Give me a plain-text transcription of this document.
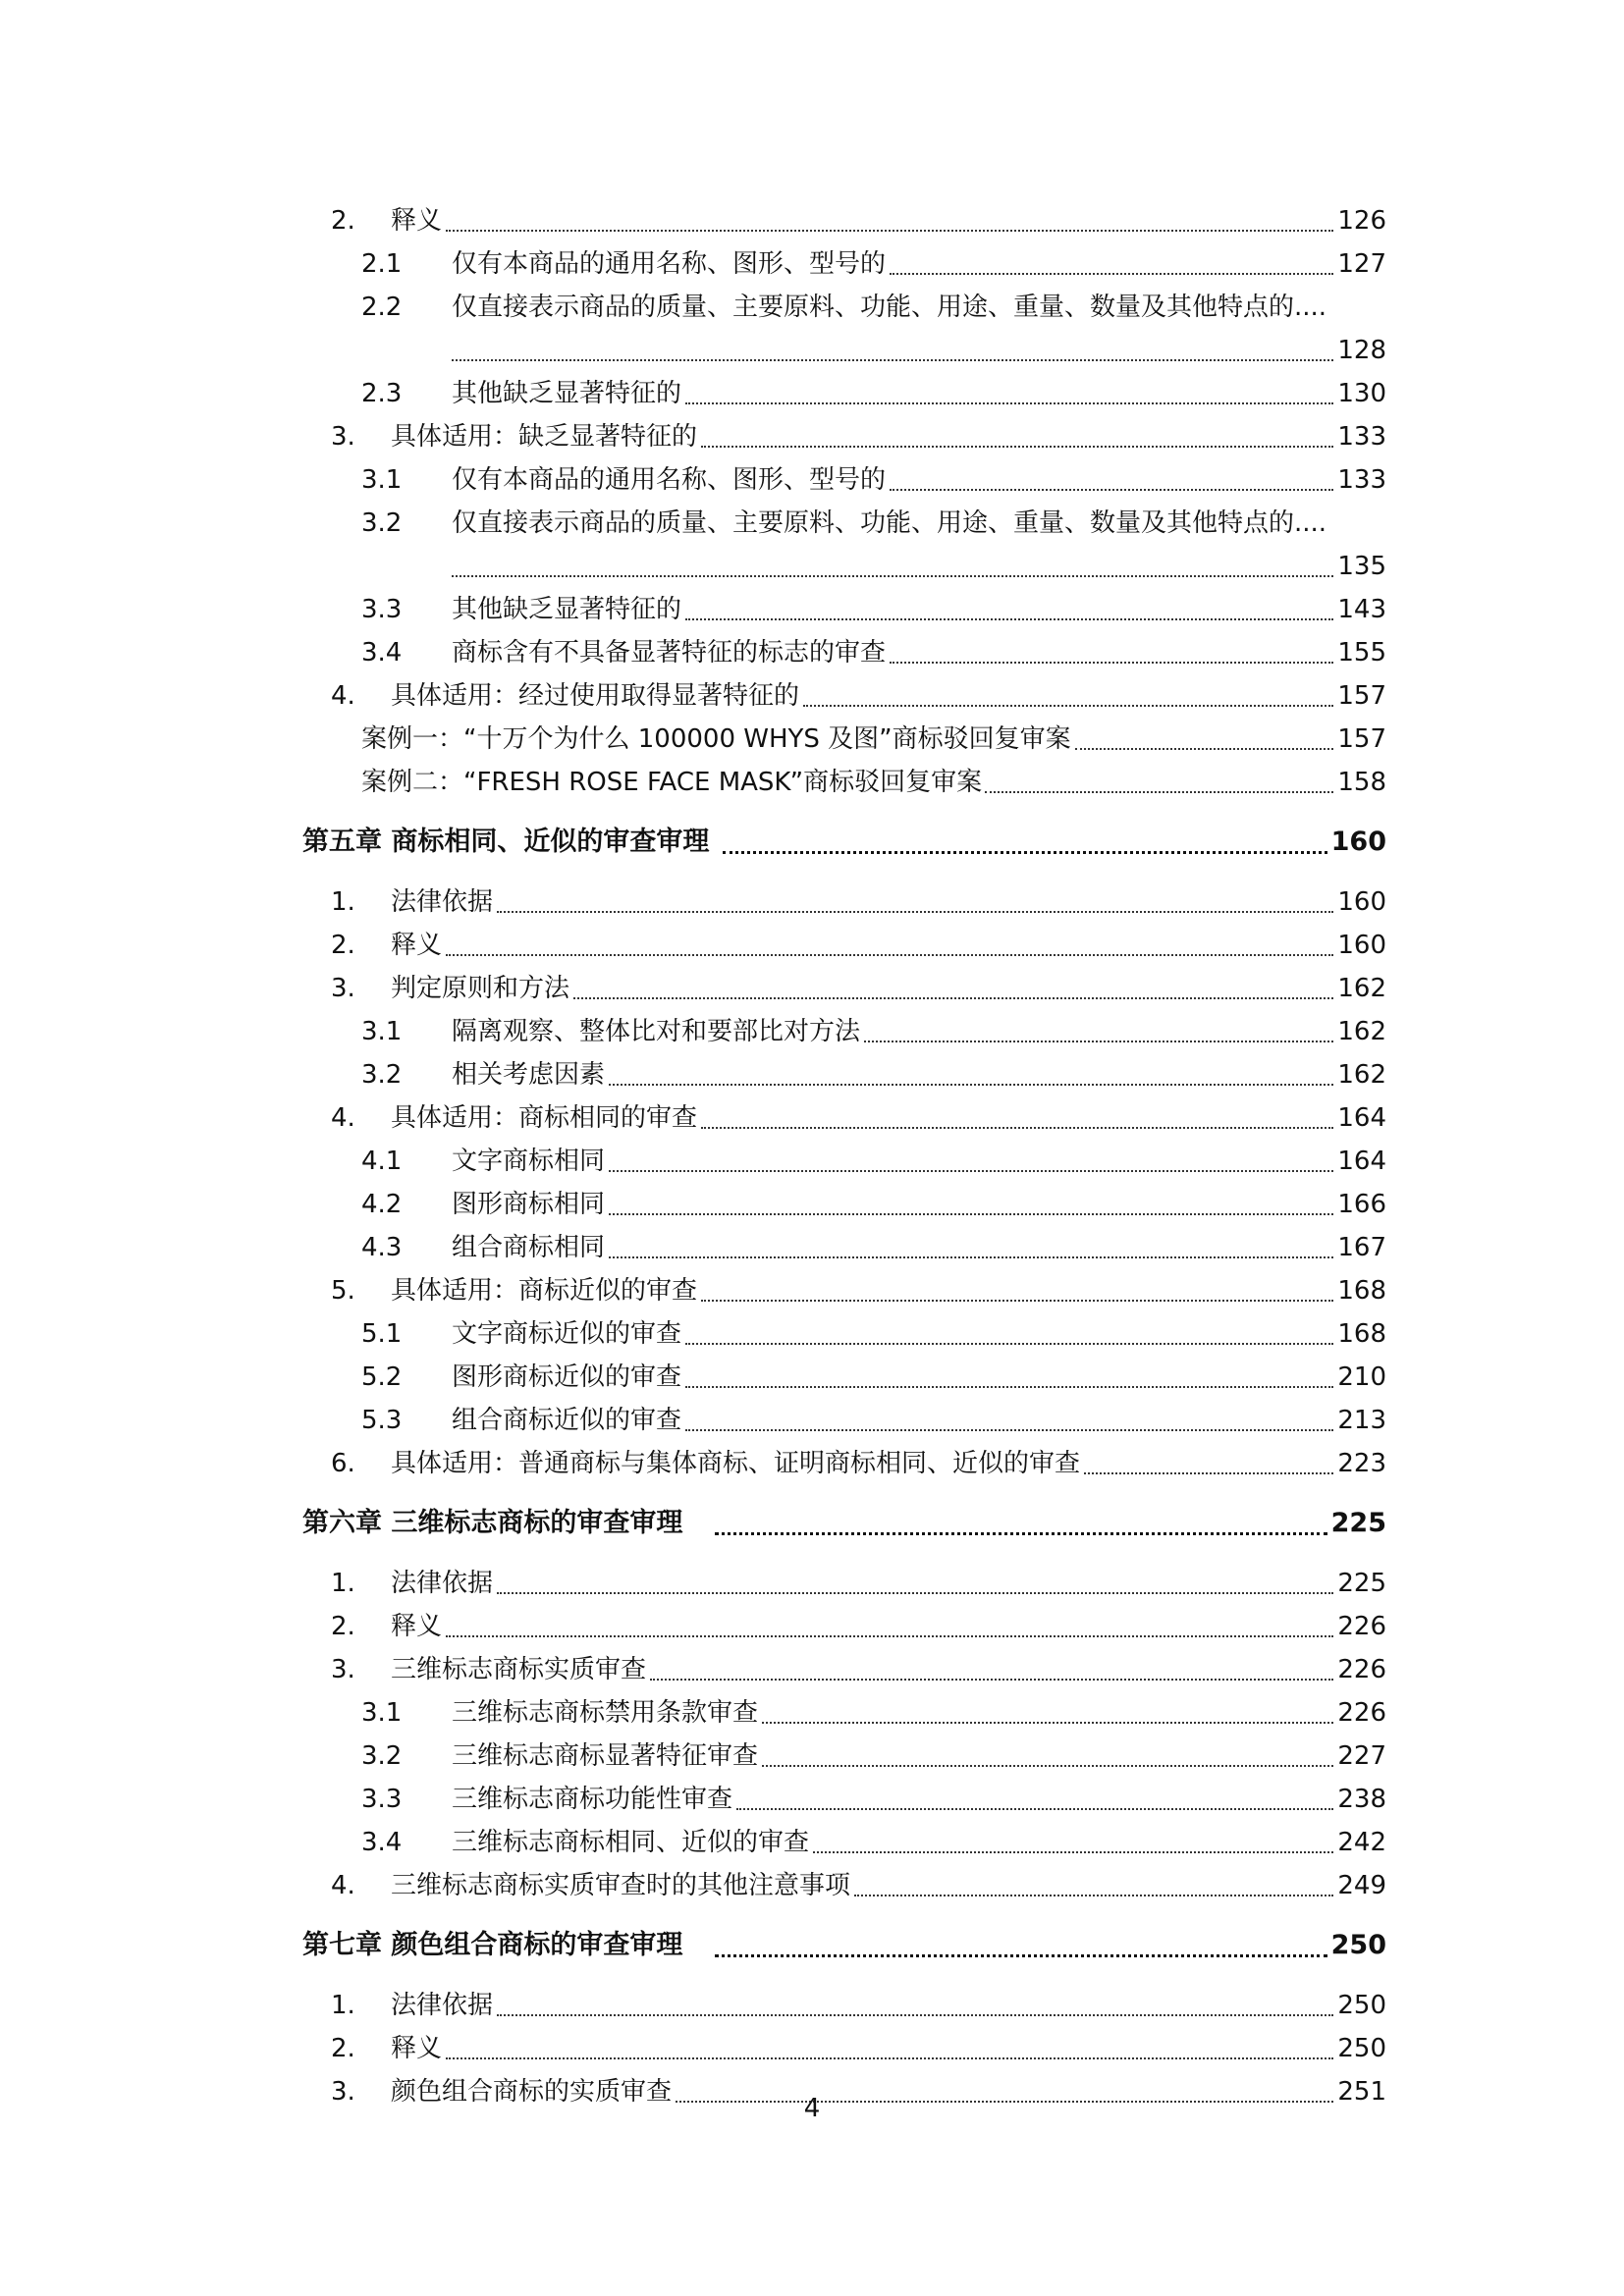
2. 释义	126
2.1 仅有本商品的通用名称、图形、型号的	127
2.2 仅直接表示商品的质量、主要原料、功能、用途、重量、数量及其他特点的....
128
2.3 其他缺乏显著特征的	130
3. 具体适用：缺乏显著特征的	133
3.1 仅有本商品的通用名称、图形、型号的	133
3.2 仅直接表示商品的质量、主要原料、功能、用途、重量、数量及其他特点的....
135
3.3 其他缺乏显著特征的	143
3.4 商标含有不具备显著特征的标志的审查	155
4. 具体适用：经过使用取得显著特征的	157
案例一：“十万个为什么 100000 WHYS 及图”商标驳回复审案	157
案例二：“FRESH ROSE FACE MASK”商标驳回复审案	158
第五章 商标相同、近似的审查审理	160
1. 法律依据	160
2. 释义	160
3. 判定原则和方法	162
3.1 隔离观察、整体比对和要部比对方法	162
3.2 相关考虑因素	162
4. 具体适用：商标相同的审查	164
4.1 文字商标相同	164
4.2 图形商标相同	166
4.3 组合商标相同	167
5. 具体适用：商标近似的审查	168
5.1 文字商标近似的审查	168
5.2 图形商标近似的审查	210
5.3 组合商标近似的审查	213
6. 具体适用：普通商标与集体商标、证明商标相同、近似的审查	223
第六章 三维标志商标的审查审理	225
1. 法律依据	225
2. 释义	226
3. 三维标志商标实质审查	226
3.1 三维标志商标禁用条款审查	226
3.2 三维标志商标显著特征审查	227
3.3 三维标志商标功能性审查	238
3.4 三维标志商标相同、近似的审查	242
4. 三维标志商标实质审查时的其他注意事项	249
第七章 颜色组合商标的审查审理	250
1. 法律依据	250
2. 释义	250
3. 颜色组合商标的实质审查	251
4
